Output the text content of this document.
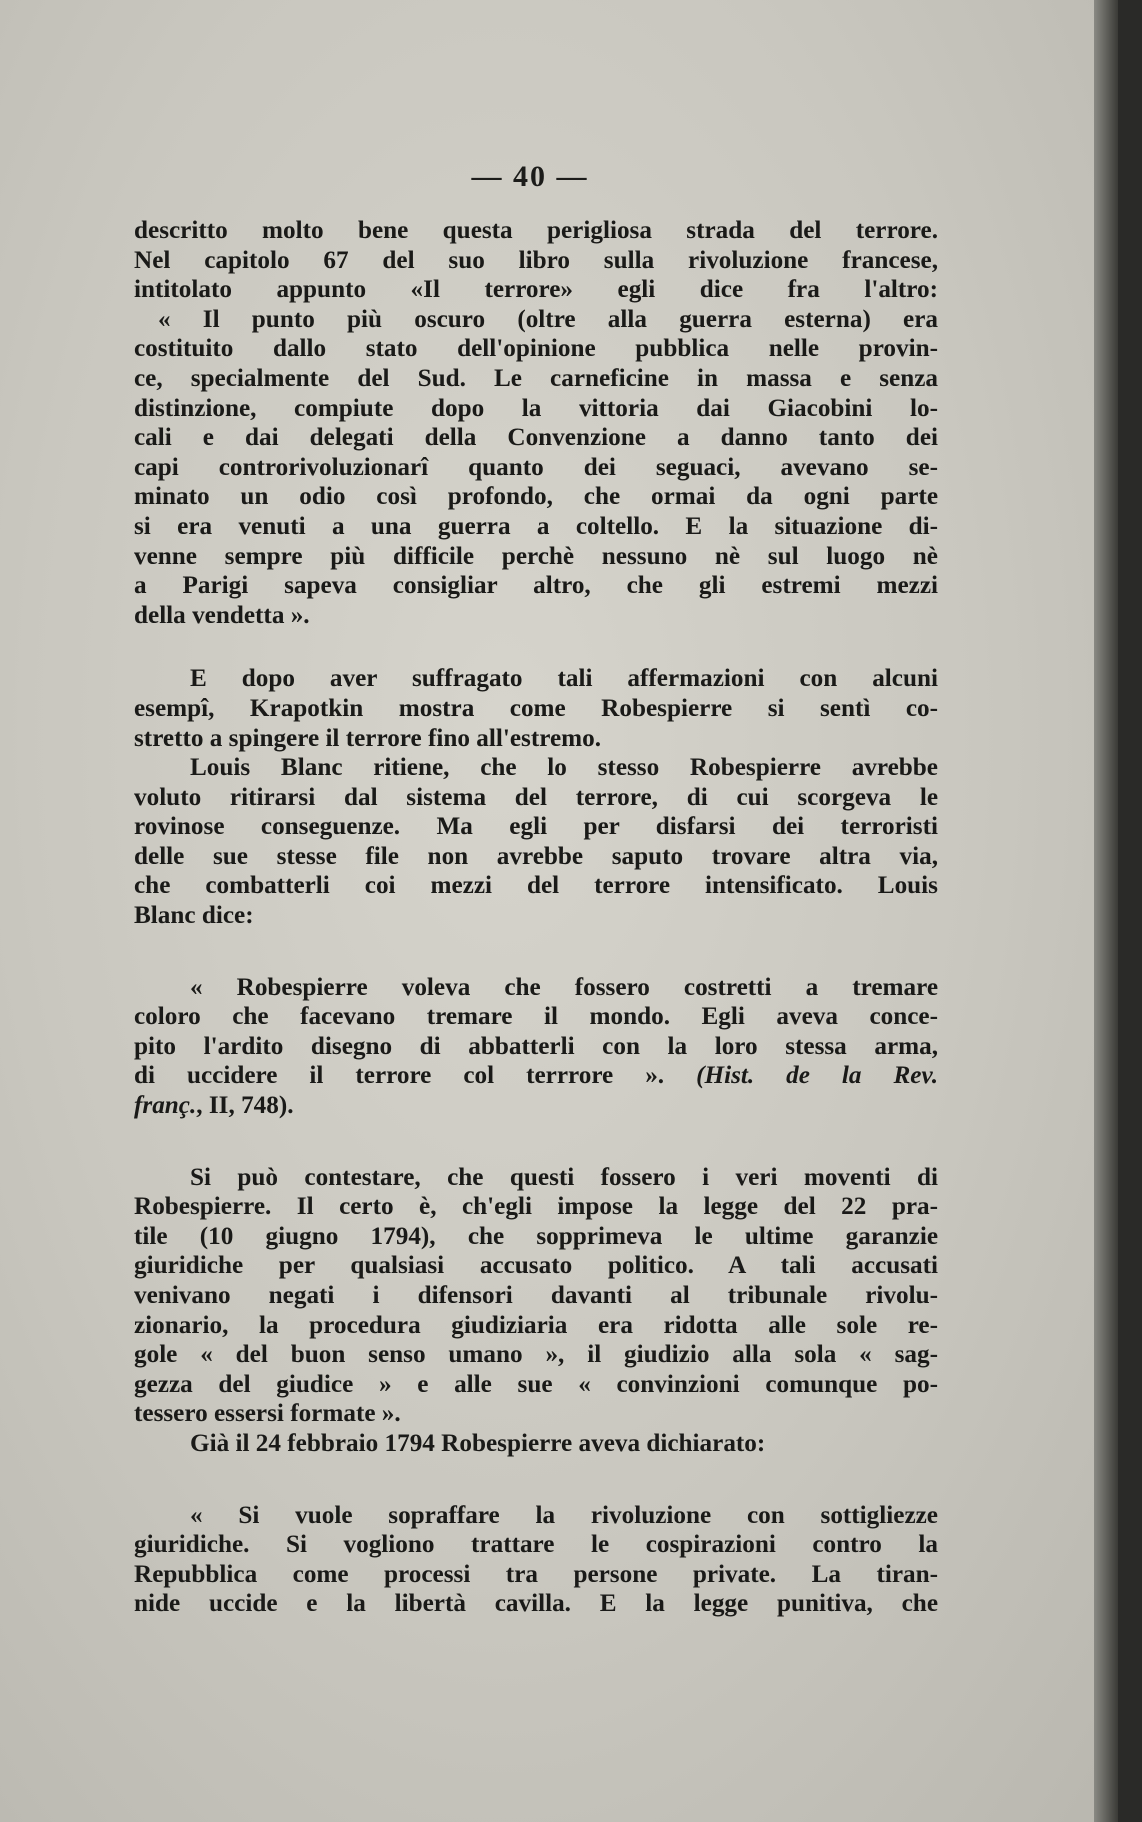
— 40 —
descritto molto bene questa perigliosa strada del terrore.
Nel capitolo 67 del suo libro sulla rivoluzione francese,
intitolato appunto «Il terrore» egli dice fra l'altro:
« Il punto più oscuro (oltre alla guerra esterna) era
costituito dallo stato dell'opinione pubblica nelle provin-
ce, specialmente del Sud. Le carneficine in massa e senza
distinzione, compiute dopo la vittoria dai Giacobini lo-
cali e dai delegati della Convenzione a danno tanto dei
capi controrivoluzionarî quanto dei seguaci, avevano se-
minato un odio così profondo, che ormai da ogni parte
si era venuti a una guerra a coltello. E la situazione di-
venne sempre più difficile perchè nessuno nè sul luogo nè
a Parigi sapeva consigliar altro, che gli estremi mezzi
della vendetta ».
E dopo aver suffragato tali affermazioni con alcuni
esempî, Krapotkin mostra come Robespierre si sentì co-
stretto a spingere il terrore fino all'estremo.
Louis Blanc ritiene, che lo stesso Robespierre avrebbe
voluto ritirarsi dal sistema del terrore, di cui scorgeva le
rovinose conseguenze. Ma egli per disfarsi dei terroristi
delle sue stesse file non avrebbe saputo trovare altra via,
che combatterli coi mezzi del terrore intensificato. Louis
Blanc dice:
« Robespierre voleva che fossero costretti a tremare
coloro che facevano tremare il mondo. Egli aveva conce-
pito l'ardito disegno di abbatterli con la loro stessa arma,
di uccidere il terrore col terrrore ». (Hist. de la Rev.
franç., II, 748).
Si può contestare, che questi fossero i veri moventi di
Robespierre. Il certo è, ch'egli impose la legge del 22 pra-
tile (10 giugno 1794), che sopprimeva le ultime garanzie
giuridiche per qualsiasi accusato politico. A tali accusati
venivano negati i difensori davanti al tribunale rivolu-
zionario, la procedura giudiziaria era ridotta alle sole re-
gole « del buon senso umano », il giudizio alla sola « sag-
gezza del giudice » e alle sue « convinzioni comunque po-
tessero essersi formate ».
Già il 24 febbraio 1794 Robespierre aveva dichiarato:
« Si vuole sopraffare la rivoluzione con sottigliezze
giuridiche. Si vogliono trattare le cospirazioni contro la
Repubblica come processi tra persone private. La tiran-
nide uccide e la libertà cavilla. E la legge punitiva, che
